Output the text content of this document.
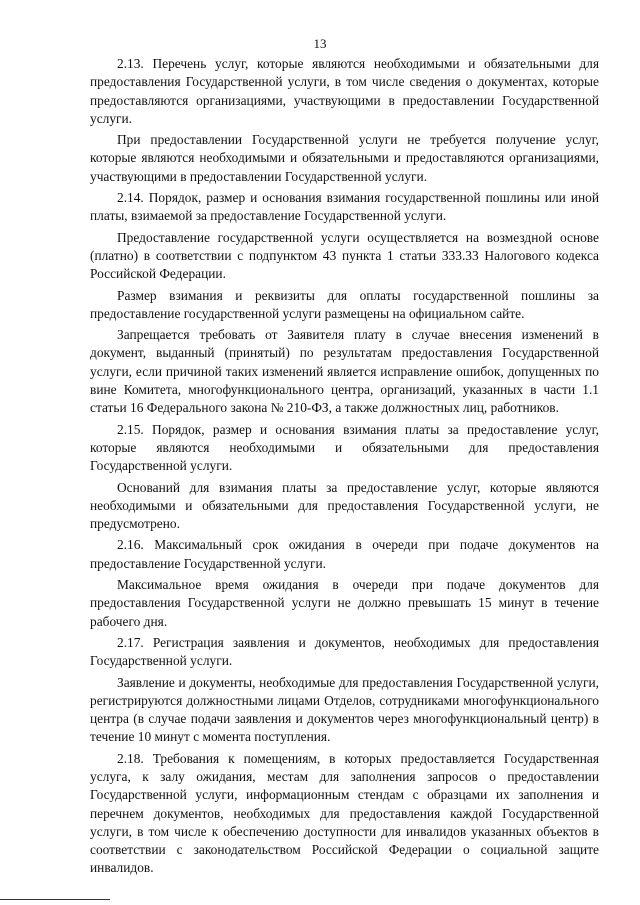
13

2.13. Перечень услуг, которые являются необходимыми и обязательными для предоставления Государственной услуги, в том числе сведения о документах, которые предоставляются организациями, участвующими в предоставлении Государственной услуги.

При предоставлении Государственной услуги не требуется получение услуг, которые являются необходимыми и обязательными и предоставляются организациями, участвующими в предоставлении Государственной услуги.

2.14. Порядок, размер и основания взимания государственной пошлины или иной платы, взимаемой за предоставление Государственной услуги.

Предоставление государственной услуги осуществляется на возмездной основе (платно) в соответствии с подпунктом 43 пункта 1 статьи 333.33 Налогового кодекса Российской Федерации.

Размер взимания и реквизиты для оплаты государственной пошлины за предоставление государственной услуги размещены на официальном сайте.

Запрещается требовать от Заявителя плату в случае внесения изменений в документ, выданный (принятый) по результатам предоставления Государственной услуги, если причиной таких изменений является исправление ошибок, допущенных по вине Комитета, многофункционального центра, организаций, указанных в части 1.1 статьи 16 Федерального закона № 210-ФЗ, а также должностных лиц, работников.

2.15. Порядок, размер и основания взимания платы за предоставление услуг, которые являются необходимыми и обязательными для предоставления Государственной услуги.

Оснований для взимания платы за предоставление услуг, которые являются необходимыми и обязательными для предоставления Государственной услуги, не предусмотрено.

2.16. Максимальный срок ожидания в очереди при подаче документов на предоставление Государственной услуги.

Максимальное время ожидания в очереди при подаче документов для предоставления Государственной услуги не должно превышать 15 минут в течение рабочего дня.

2.17. Регистрация заявления и документов, необходимых для предоставления Государственной услуги.

Заявление и документы, необходимые для предоставления Государственной услуги, регистрируются должностными лицами Отделов, сотрудниками многофункционального центра (в случае подачи заявления и документов через многофункциональный центр) в течение 10 минут с момента поступления.

2.18. Требования к помещениям, в которых предоставляется Государственная услуга, к залу ожидания, местам для заполнения запросов о предоставлении Государственной услуги, информационным стендам с образцами их заполнения и перечнем документов, необходимых для предоставления каждой Государственной услуги, в том числе к обеспечению доступности для инвалидов указанных объектов в соответствии с законодательством Российской Федерации о социальной защите инвалидов.
